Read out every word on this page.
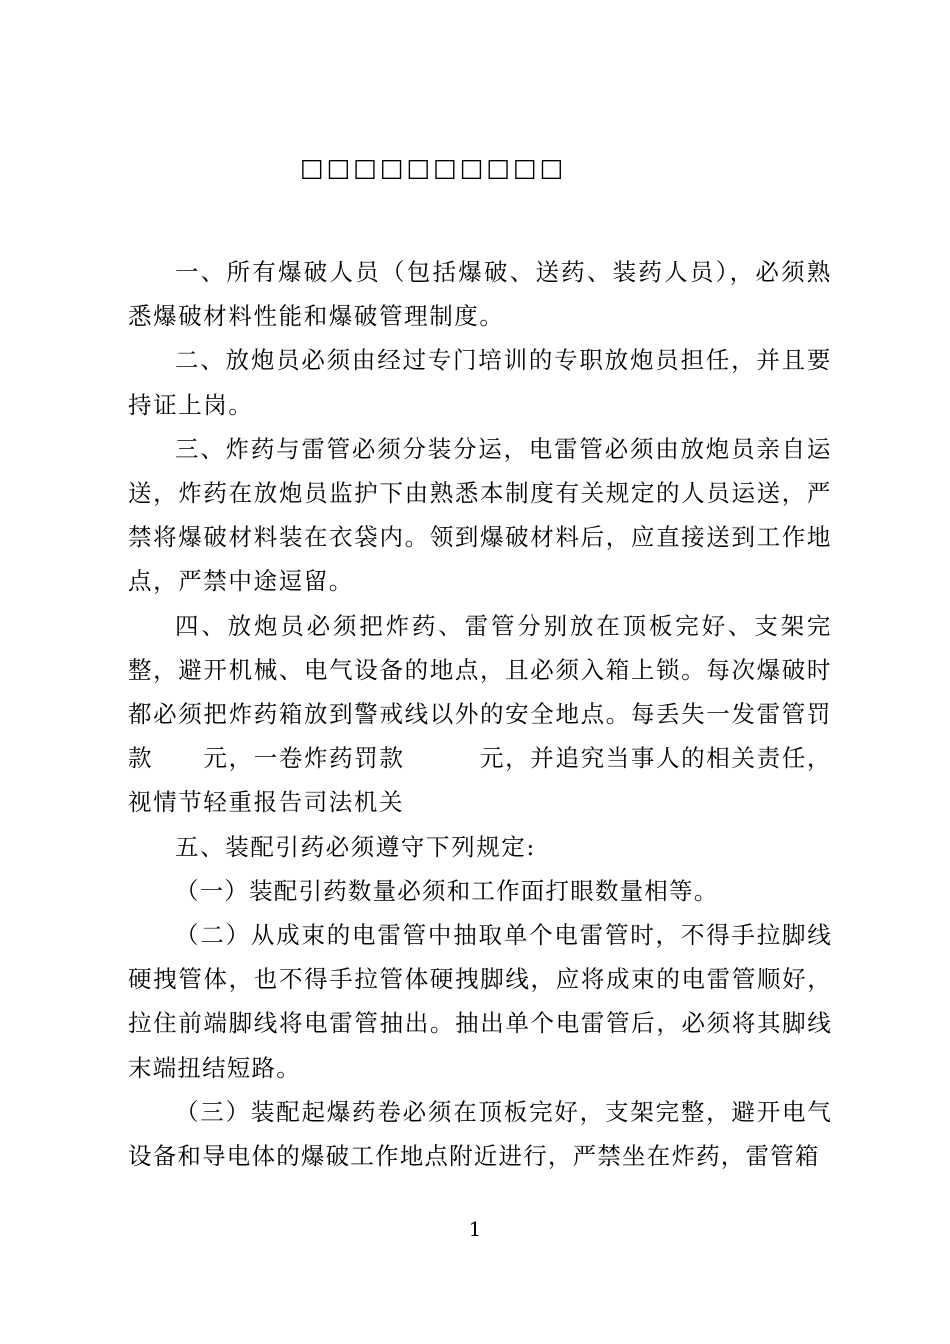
□□□□□□□□□□

一、所有爆破人员（包括爆破、送药、装药人员），必须熟悉爆破材料性能和爆破管理制度。

二、放炮员必须由经过专门培训的专职放炮员担任，并且要持证上岗。

三、炸药与雷管必须分装分运，电雷管必须由放炮员亲自运送，炸药在放炮员监护下由熟悉本制度有关规定的人员运送，严禁将爆破材料装在衣袋内。领到爆破材料后，应直接送到工作地点，严禁中途逗留。

四、放炮员必须把炸药、雷管分别放在顶板完好、支架完整，避开机械、电气设备的地点，且必须入箱上锁。每次爆破时都必须把炸药箱放到警戒线以外的安全地点。每丢失一发雷管罚款　　元，一卷炸药罚款　　　元，并追究当事人的相关责任，视情节轻重报告司法机关

五、装配引药必须遵守下列规定:

（一）装配引药数量必须和工作面打眼数量相等。

（二）从成束的电雷管中抽取单个电雷管时，不得手拉脚线硬拽管体，也不得手拉管体硬拽脚线，应将成束的电雷管顺好，拉住前端脚线将电雷管抽出。抽出单个电雷管后，必须将其脚线末端扭结短路。

（三）装配起爆药卷必须在顶板完好，支架完整，避开电气设备和导电体的爆破工作地点附近进行，严禁坐在炸药，雷管箱

1
